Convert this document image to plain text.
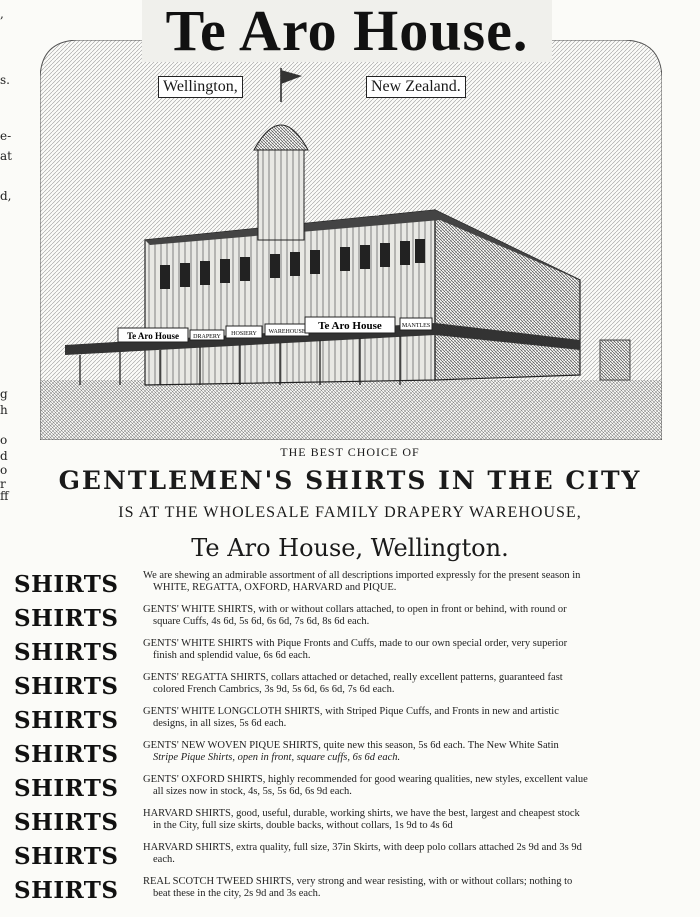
,
s.
e-
at
d,
g
h
o
d
o
r
ff
Te Aro House DRAPERY HOSIERY WAREHOUSE Te Aro House	MANTLES
1886
Te Aro House.
Wellington,	New Zealand.
THE BEST CHOICE OF
GENTLEMEN'S SHIRTS IN THE CITY
IS AT THE WHOLESALE FAMILY DRAPERY WAREHOUSE,
Te Aro House, Wellington.
SHIRTS	We are shewing an admirable assortment of all descriptions imported expressly for the present season in
WHITE, REGATTA, OXFORD, HARVARD and PIQUE.
SHIRTS	GENTS' WHITE SHIRTS, with or without collars attached, to open in front or behind, with round or
square Cuffs, 4s 6d, 5s 6d, 6s 6d, 7s 6d, 8s 6d each.
SHIRTS	GENTS' WHITE SHIRTS with Pique Fronts and Cuffs, made to our own special order, very superior
finish and splendid value, 6s 6d each.
SHIRTS	GENTS' REGATTA SHIRTS, collars attached or detached, really excellent patterns, guaranteed fast
colored French Cambrics, 3s 9d, 5s 6d, 6s 6d, 7s 6d each.
SHIRTS	GENTS' WHITE LONGCLOTH SHIRTS, with Striped Pique Cuffs, and Fronts in new and artistic
designs, in all sizes, 5s 6d each.
SHIRTS	GENTS' NEW WOVEN PIQUE SHIRTS, quite new this season, 5s 6d each. The New White Satin
Stripe Pique Shirts, open in front, square cuffs, 6s 6d each.
SHIRTS	GENTS' OXFORD SHIRTS, highly recommended for good wearing qualities, new styles, excellent value
all sizes now in stock, 4s, 5s, 5s 6d, 6s 9d each.
SHIRTS	HARVARD SHIRTS, good, useful, durable, working shirts, we have the best, largest and cheapest stock
in the City, full size skirts, double backs, without collars, 1s 9d to 4s 6d
SHIRTS	HARVARD SHIRTS, extra quality, full size, 37in Skirts, with deep polo collars attached 2s 9d and 3s 9d
each.
SHIRTS	REAL SCOTCH TWEED SHIRTS, very strong and wear resisting, with or without collars; nothing to
beat these in the city, 2s 9d and 3s each.
